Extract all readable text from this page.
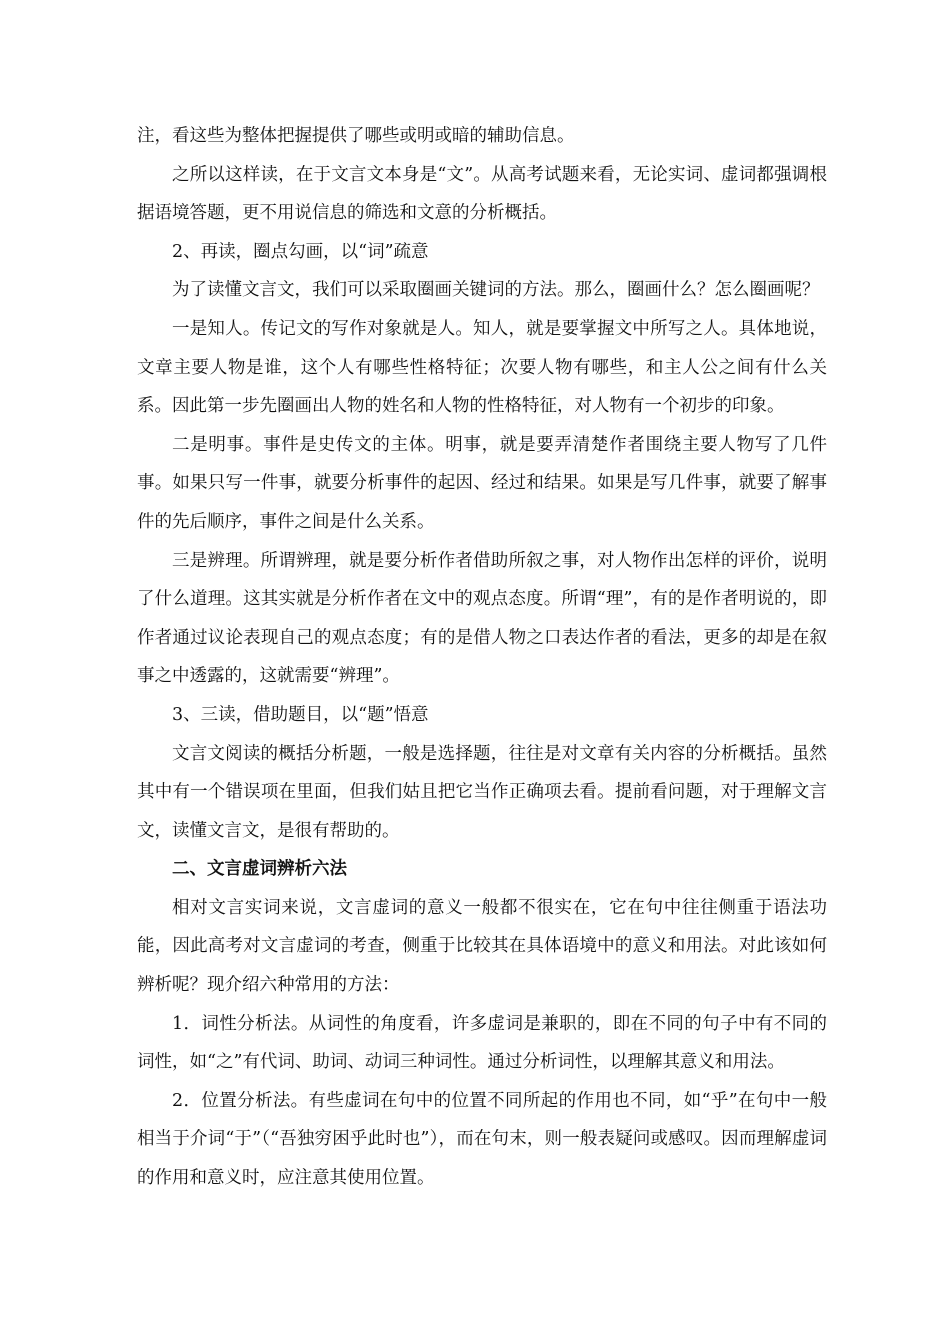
注，看这些为整体把握提供了哪些或明或暗的辅助信息。

之所以这样读，在于文言文本身是“文”。从高考试题来看，无论实词、虚词都强调根据语境答题，更不用说信息的筛选和文意的分析概括。

2、再读，圈点勾画，以“词”疏意

为了读懂文言文，我们可以采取圈画关键词的方法。那么，圈画什么？怎么圈画呢？

一是知人。传记文的写作对象就是人。知人，就是要掌握文中所写之人。具体地说，文章主要人物是谁，这个人有哪些性格特征；次要人物有哪些，和主人公之间有什么关系。因此第一步先圈画出人物的姓名和人物的性格特征，对人物有一个初步的印象。

二是明事。事件是史传文的主体。明事，就是要弄清楚作者围绕主要人物写了几件事。如果只写一件事，就要分析事件的起因、经过和结果。如果是写几件事，就要了解事件的先后顺序，事件之间是什么关系。

三是辨理。所谓辨理，就是要分析作者借助所叙之事，对人物作出怎样的评价，说明了什么道理。这其实就是分析作者在文中的观点态度。所谓“理”，有的是作者明说的，即作者通过议论表现自己的观点态度；有的是借人物之口表达作者的看法，更多的却是在叙事之中透露的，这就需要“辨理”。

3、三读，借助题目，以“题”悟意

文言文阅读的概括分析题，一般是选择题，往往是对文章有关内容的分析概括。虽然其中有一个错误项在里面，但我们姑且把它当作正确项去看。提前看问题，对于理解文言文，读懂文言文，是很有帮助的。

二、文言虚词辨析六法

相对文言实词来说，文言虚词的意义一般都不很实在，它在句中往往侧重于语法功能，因此高考对文言虚词的考查，侧重于比较其在具体语境中的意义和用法。对此该如何辨析呢？现介绍六种常用的方法：

1．词性分析法。从词性的角度看，许多虚词是兼职的，即在不同的句子中有不同的词性，如“之”有代词、助词、动词三种词性。通过分析词性，以理解其意义和用法。

2．位置分析法。有些虚词在句中的位置不同所起的作用也不同，如“乎”在句中一般相当于介词“于”（“吾独穷困乎此时也”），而在句末，则一般表疑问或感叹。因而理解虚词的作用和意义时，应注意其使用位置。
